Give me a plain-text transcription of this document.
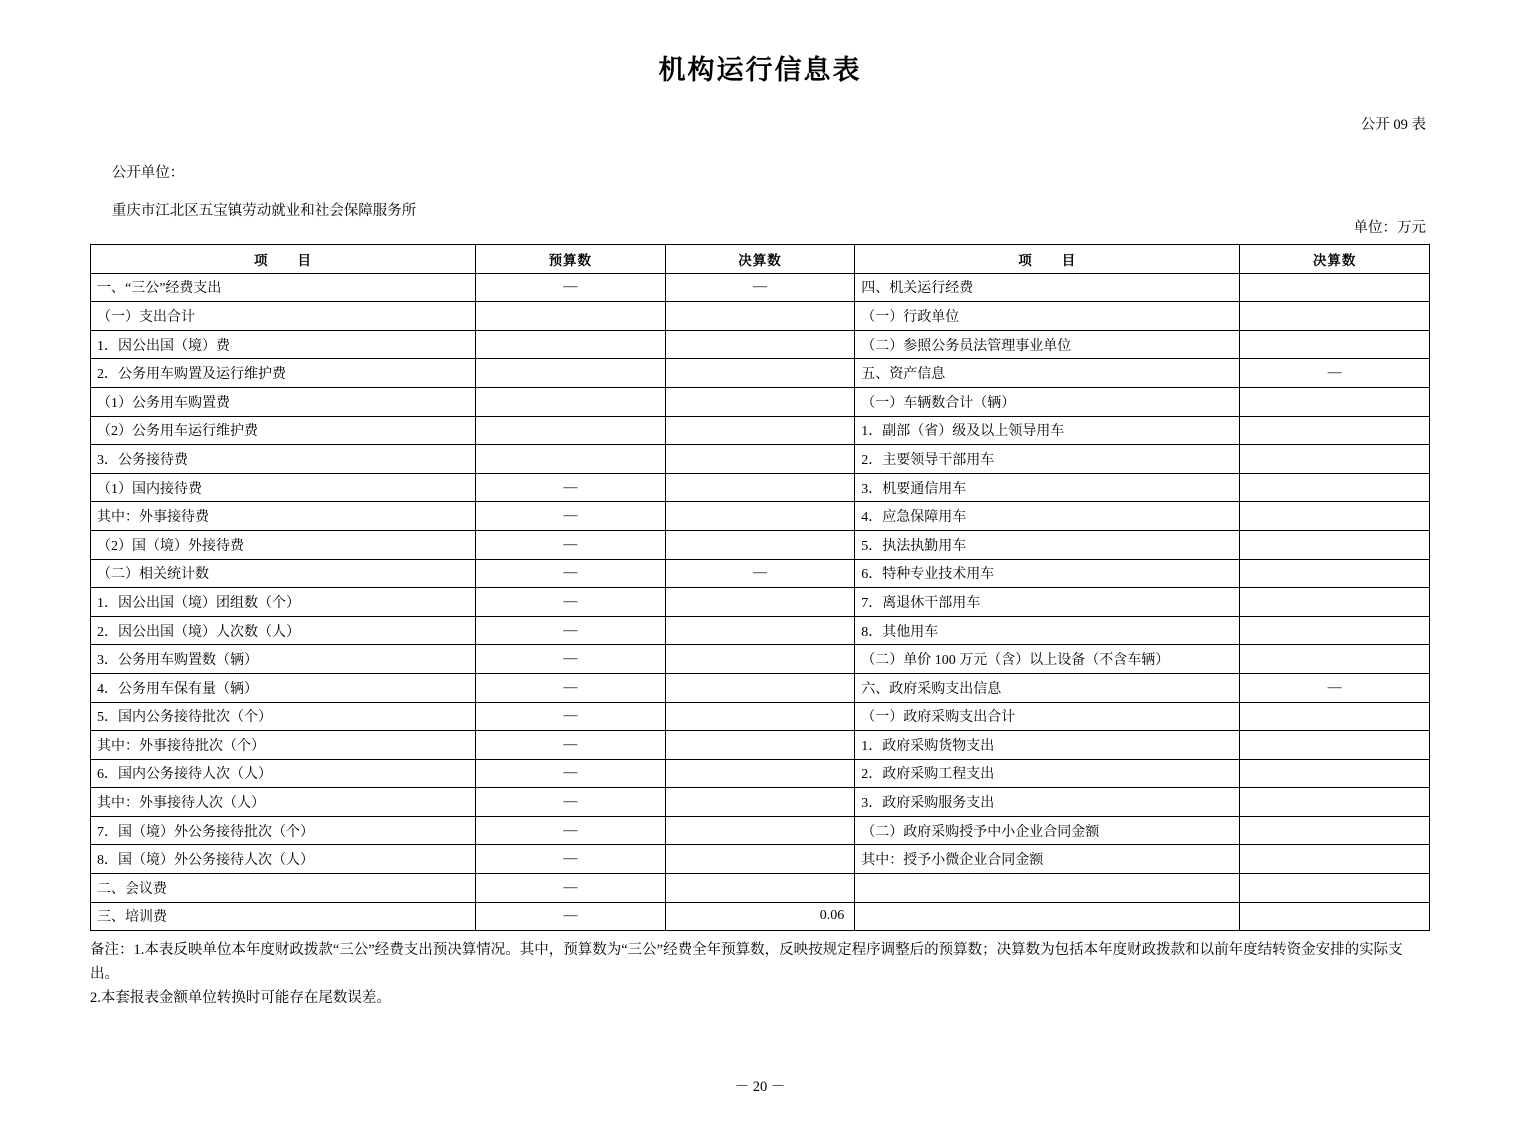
机构运行信息表
公开 09 表

公开单位：

重庆市江北区五宝镇劳动就业和社会保障服务所

单位：万元
项　　目	预算数	决算数	项　　目	决算数
一、“三公”经费支出	—	—	四、机关运行经费	
（一）支出合计			（一）行政单位	
1．因公出国（境）费			（二）参照公务员法管理事业单位	
2．公务用车购置及运行维护费			五、资产信息	—
（1）公务用车购置费			（一）车辆数合计（辆）	
（2）公务用车运行维护费			1．副部（省）级及以上领导用车	
3．公务接待费			2．主要领导干部用车	
（1）国内接待费	—		3．机要通信用车	
其中：外事接待费	—		4．应急保障用车	
（2）国（境）外接待费	—		5．执法执勤用车	
（二）相关统计数	—	—	6．特种专业技术用车	
1．因公出国（境）团组数（个）	—		7．离退休干部用车	
2．因公出国（境）人次数（人）	—		8．其他用车	
3．公务用车购置数（辆）	—		（二）单价 100 万元（含）以上设备（不含车辆）	
4．公务用车保有量（辆）	—		六、政府采购支出信息	—
5．国内公务接待批次（个）	—		（一）政府采购支出合计	
其中：外事接待批次（个）	—		1．政府采购货物支出	
6．国内公务接待人次（人）	—		2．政府采购工程支出	
其中：外事接待人次（人）	—		3．政府采购服务支出	
7．国（境）外公务接待批次（个）	—		（二）政府采购授予中小企业合同金额	
8．国（境）外公务接待人次（人）	—		其中：授予小微企业合同金额	
二、会议费	—			
三、培训费	—	0.06		

备注：1.本表反映单位本年度财政拨款“三公”经费支出预决算情况。其中，预算数为“三公”经费全年预算数，反映按规定程序调整后的预算数；决算数为包括本年度财政拨款和以前年度结转资金安排的实际支出。

2.本套报表金额单位转换时可能存在尾数误差。

－ 20 －
